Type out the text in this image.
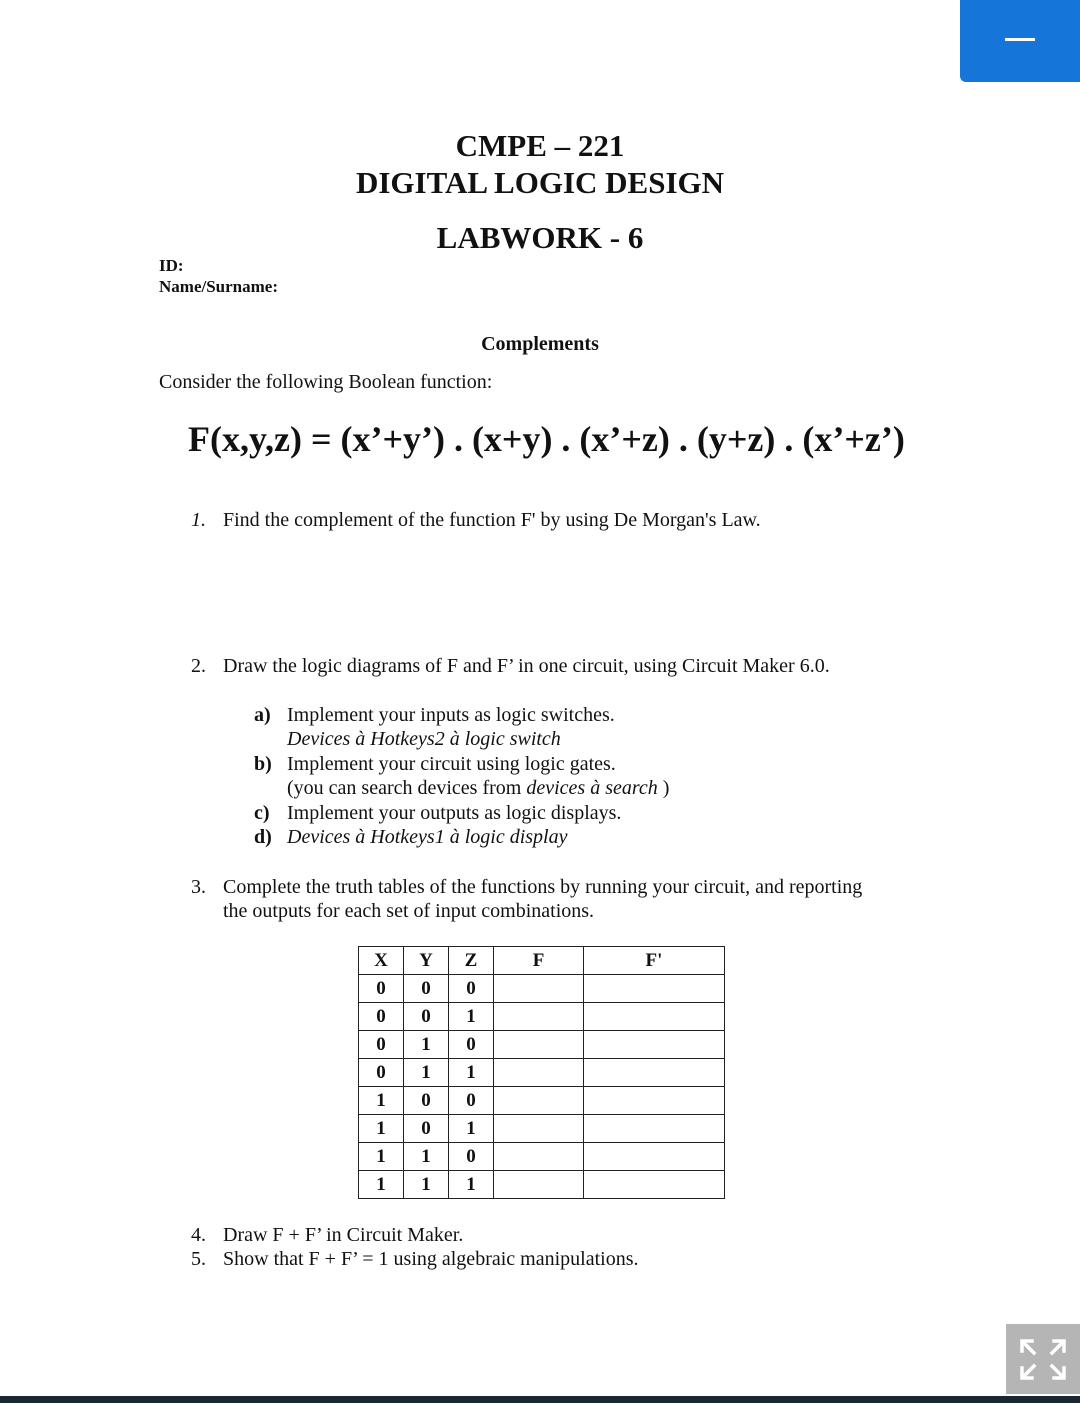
CMPE – 221
DIGITAL LOGIC DESIGN
LABWORK - 6
ID:
Name/Surname:
Complements
Consider the following Boolean function:
F(x,y,z) = (x’+y’) . (x+y) . (x’+z) . (y+z) . (x’+z’)
1. Find the complement of the function F' by using De Morgan's Law.
2. Draw the logic diagrams of F and F’ in one circuit, using Circuit Maker 6.0.
a) Implement your inputs as logic switches.
Devices à Hotkeys2 à logic switch
b) Implement your circuit using logic gates.
(you can search devices from devices à search )
c) Implement your outputs as logic displays.
d) Devices à Hotkeys1 à logic display
3. Complete the truth tables of the functions by running your circuit, and reporting
the outputs for each set of input combinations.
X	Y	Z	F	F'
0	0	0		
0	0	1		
0	1	0		
0	1	1		
1	0	0		
1	0	1		
1	1	0		
1	1	1		
4. Draw F + F’ in Circuit Maker.
5. Show that F + F’ = 1 using algebraic manipulations.
